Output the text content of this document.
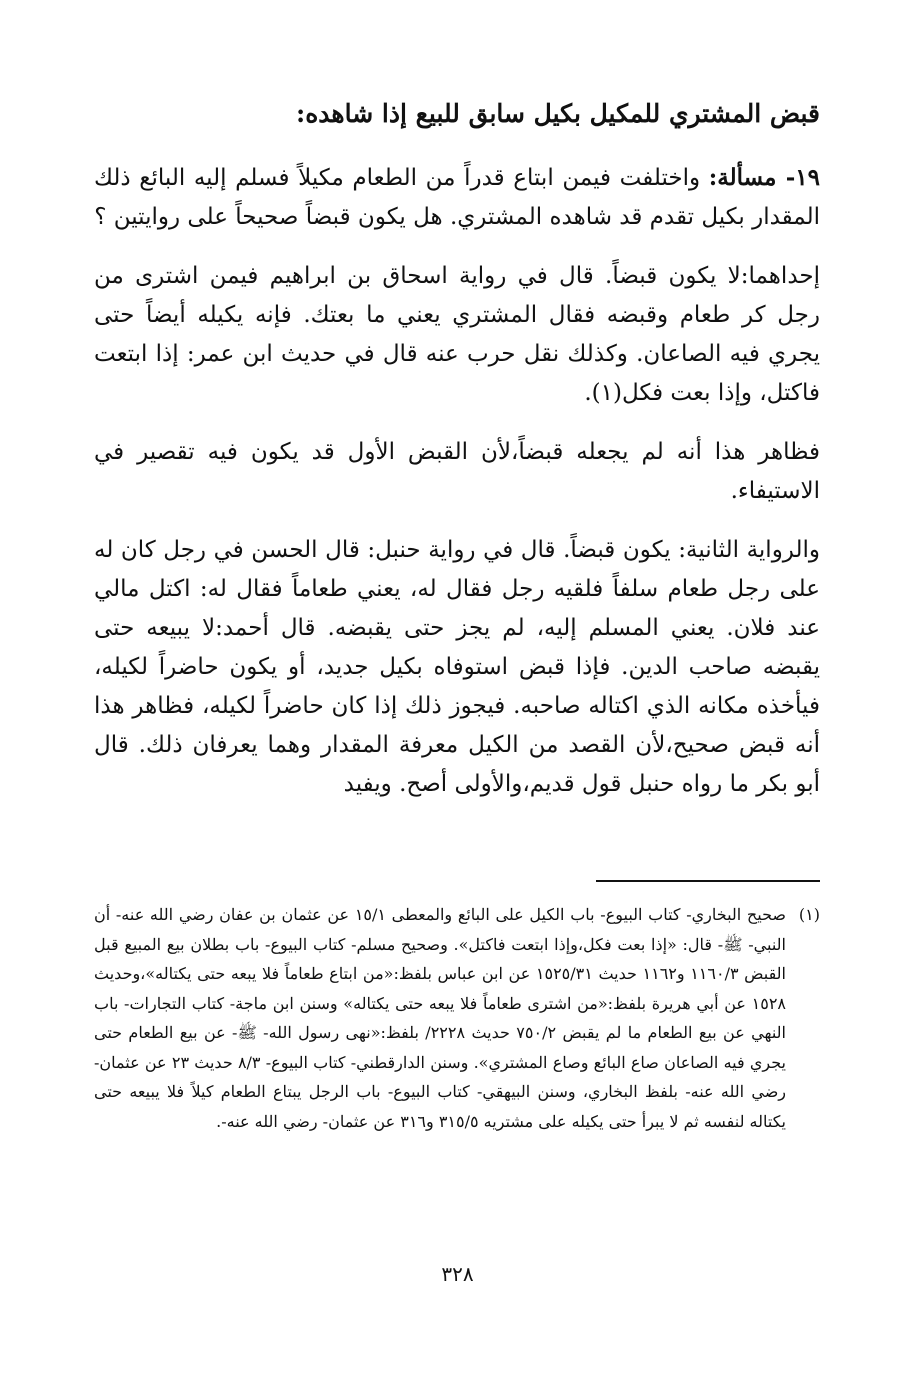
قبض المشتري للمكيل بكيل سابق للبيع إذا شاهده:

١٩- مسألة: واختلفت فيمن ابتاع قدراً من الطعام مكيلاً فسلم إليه البائع ذلك المقدار بكيل تقدم قد شاهده المشتري. هل يكون قبضاً صحيحاً على روايتين ؟

إحداهما:لا يكون قبضاً. قال في رواية اسحاق بن ابراهيم فيمن اشترى من رجل كر طعام وقبضه فقال المشتري يعني ما بعتك. فإنه يكيله أيضاً حتى يجري فيه الصاعان. وكذلك نقل حرب عنه قال في حديث ابن عمر: إذا ابتعت فاكتل، وإذا بعت فكل(١).

فظاهر هذا أنه لم يجعله قبضاً،لأن القبض الأول قد يكون فيه تقصير في الاستيفاء.

والرواية الثانية: يكون قبضاً. قال في رواية حنبل: قال الحسن في رجل كان له على رجل طعام سلفاً فلقيه رجل فقال له، يعني طعاماً فقال له: اكتل مالي عند فلان. يعني المسلم إليه، لم يجز حتى يقبضه. قال أحمد:لا يبيعه حتى يقبضه صاحب الدين. فإذا قبض استوفاه بكيل جديد، أو يكون حاضراً لكيله، فيأخذه مكانه الذي اكتاله صاحبه. فيجوز ذلك إذا كان حاضراً لكيله، فظاهر هذا أنه قبض صحيح،لأن القصد من الكيل معرفة المقدار وهما يعرفان ذلك. قال أبو بكر ما رواه حنبل قول قديم،والأولى أصح. ويفيد

(١)

صحيح البخاري- كتاب البيوع- باب الكيل على البائع والمعطى ١٥/١ عن عثمان بن عفان رضي الله عنه- أن النبي- ﷺ- قال: «إذا بعت فكل،وإذا ابتعت فاكتل». وصحيح مسلم- كتاب البيوع- باب بطلان بيع المبيع قبل القبض ١١٦٠/٣ و١١٦٢ حديث ١٥٢٥/٣١ عن ابن عباس بلفظ:«من ابتاع طعاماً فلا يبعه حتى يكتاله»،وحديث ١٥٢٨ عن أبي هريرة بلفظ:«من اشترى طعاماً فلا يبعه حتى يكتاله» وسنن ابن ماجة- كتاب التجارات- باب النهي عن بيع الطعام ما لم يقبض ٧٥٠/٢ حديث ٢٢٢٨/ بلفظ:«نهى رسول الله- ﷺ- عن بيع الطعام حتى يجري فيه الصاعان صاع البائع وصاع المشتري». وسنن الدارقطني- كتاب البيوع- ٨/٣ حديث ٢٣ عن عثمان- رضي الله عنه- بلفظ البخاري، وسنن البيهقي- كتاب البيوع- باب الرجل يبتاع الطعام كيلاً فلا يبيعه حتى يكتاله لنفسه ثم لا يبرأ حتى يكيله على مشتريه ٣١٥/٥ و٣١٦ عن عثمان- رضي الله عنه-.

٣٢٨
